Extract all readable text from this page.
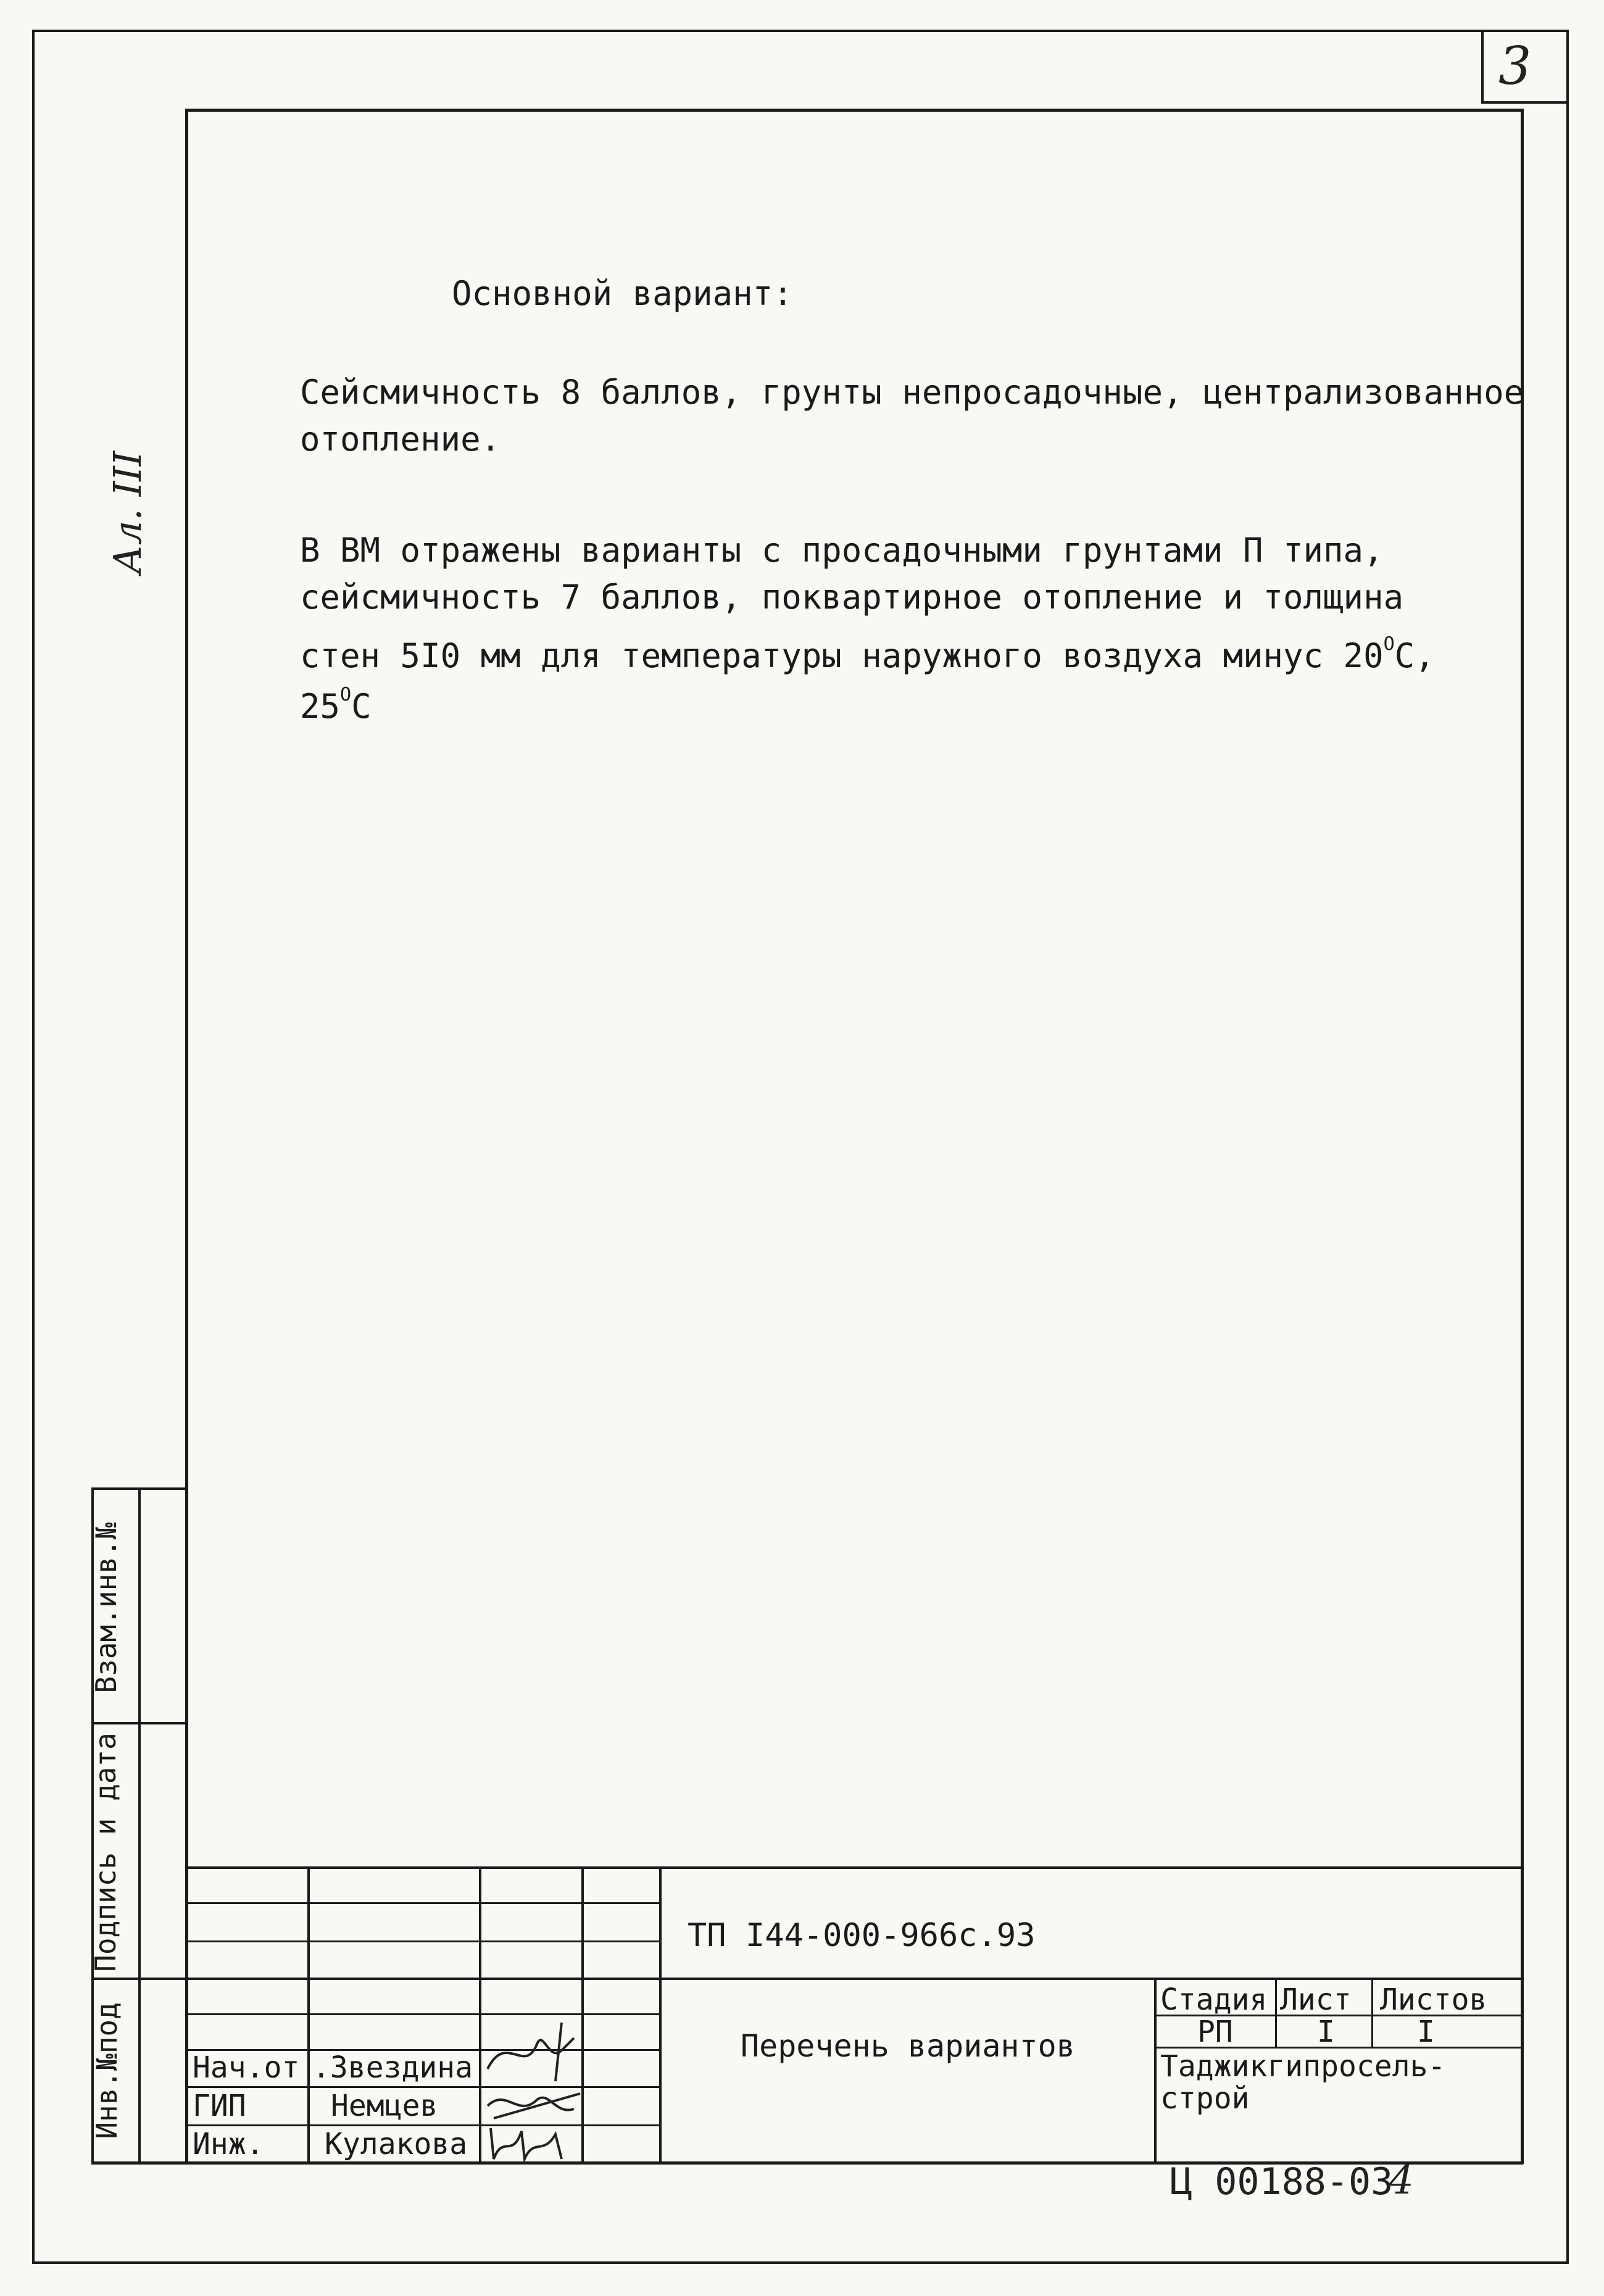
3
Основной вариант:
Сейсмичность 8 баллов, грунты непросадочные, централизованное
отопление.
В ВМ отражены варианты с просадочными грунтами П типа,
сейсмичность 7 баллов, поквартирное отопление и толщина
стен 5I0 мм для температуры наружного воздуха минус $20^ОС$,
$25^ОС$
Ал. III
Взам.инв.№
Подпись и дата
Инв.№под
ТП I44-000-966с.93
Перечень вариантов
Стадия Лист Листов
РП	I	I
Таджикгипросель-
строй
Нач.от .Звездина
ГИП	Немцев
Инж. Кулакова
Ц 00188-03
4
